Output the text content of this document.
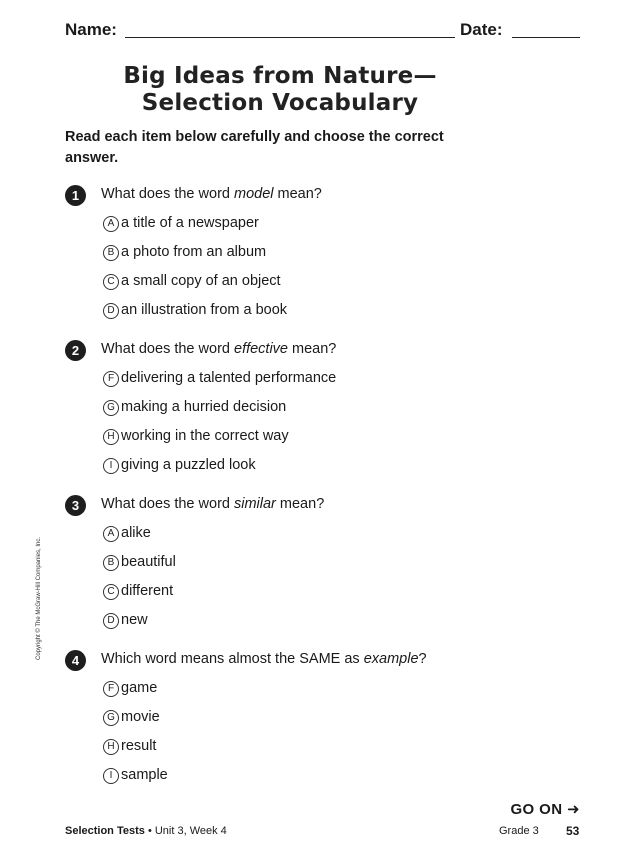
Name:	Date:
Big Ideas from Nature—Selection Vocabulary
Read each item below carefully and choose the correct answer.
1	What does the word model mean?
A a title of a newspaper
B a photo from an album
C a small copy of an object
D an illustration from a book
2	What does the word effective mean?
F delivering a talented performance
G making a hurried decision
H working in the correct way
I giving a puzzled look
3	What does the word similar mean?
A alike
B beautiful
C different
D new
4	Which word means almost the SAME as example?
F game
G movie
H result
I sample
Copyright © The McGraw-Hill Companies, Inc.
GO ON ➜
Selection Tests • Unit 3, Week 4	Grade 3 53
